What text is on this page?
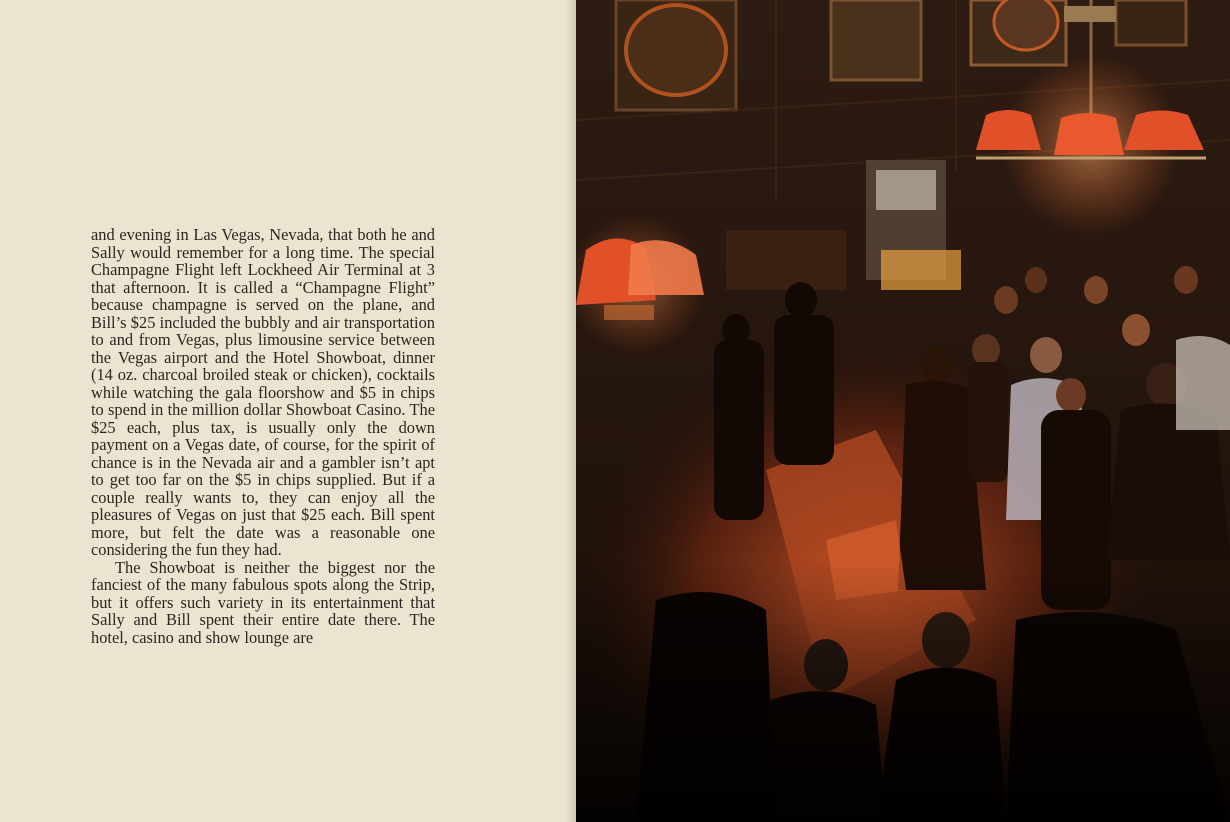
and evening in Las Vegas, Nevada, that both he and Sally would remember for a long time. The special Champagne Flight left Lockheed Air Terminal at 3 that afternoon. It is called a “Champagne Flight” because champagne is served on the plane, and Bill’s $25 included the bubbly and air transportation to and from Vegas, plus limousine service between the Vegas airport and the Hotel Showboat, dinner (14 oz. charcoal broiled steak or chicken), cocktails while watching the gala floorshow and $5 in chips to spend in the million dollar Showboat Casino. The $25 each, plus tax, is usually only the down payment on a Vegas date, of course, for the spirit of chance is in the Nevada air and a gambler isn’t apt to get too far on the $5 in chips supplied. But if a couple really wants to, they can enjoy all the pleasures of Vegas on just that $25 each. Bill spent more, but felt the date was a reasonable one considering the fun they had.

The Showboat is neither the biggest nor the fanciest of the many fabulous spots along the Strip, but it offers such variety in its entertainment that Sally and Bill spent their entire date there. The hotel, casino and show lounge are
